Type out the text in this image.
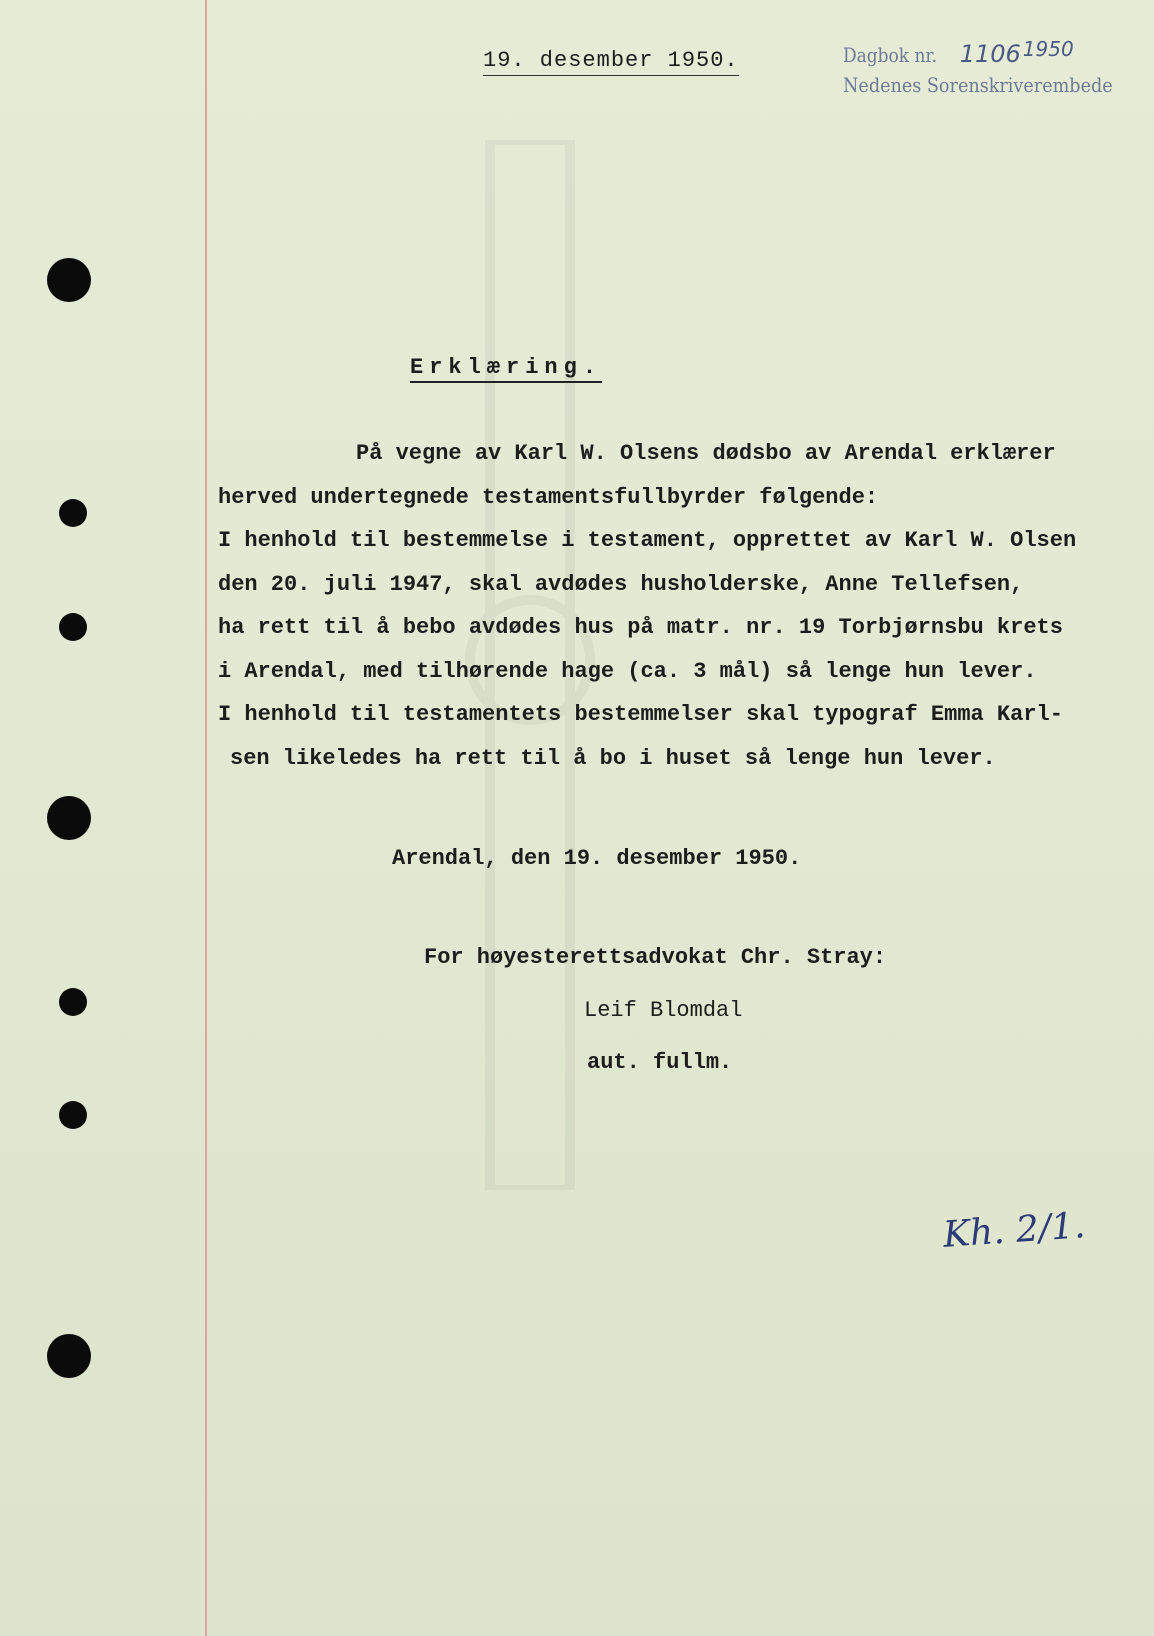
19. desember 1950.	Dagbok nr. 1106 1950
Nedenes Sorenskriverembede
Erklæring.
På vegne av Karl W. Olsens dødsbo av Arendal erklærer
herved undertegnede testamentsfullbyrder følgende:
I henhold til bestemmelse i testament, opprettet av Karl W. Olsen
den 20. juli 1947, skal avdødes husholderske, Anne Tellefsen,
ha rett til å bebo avdødes hus på matr. nr. 19 Torbjørnsbu krets
i Arendal, med tilhørende hage (ca. 3 mål) så lenge hun lever.
I henhold til testamentets bestemmelser skal typograf Emma Karl-
sen likeledes ha rett til å bo i huset så lenge hun lever.
Arendal, den 19. desember 1950.
For høyesterettsadvokat Chr. Stray:
Leif Blomdal
aut. fullm.
Kh. 2/1.
